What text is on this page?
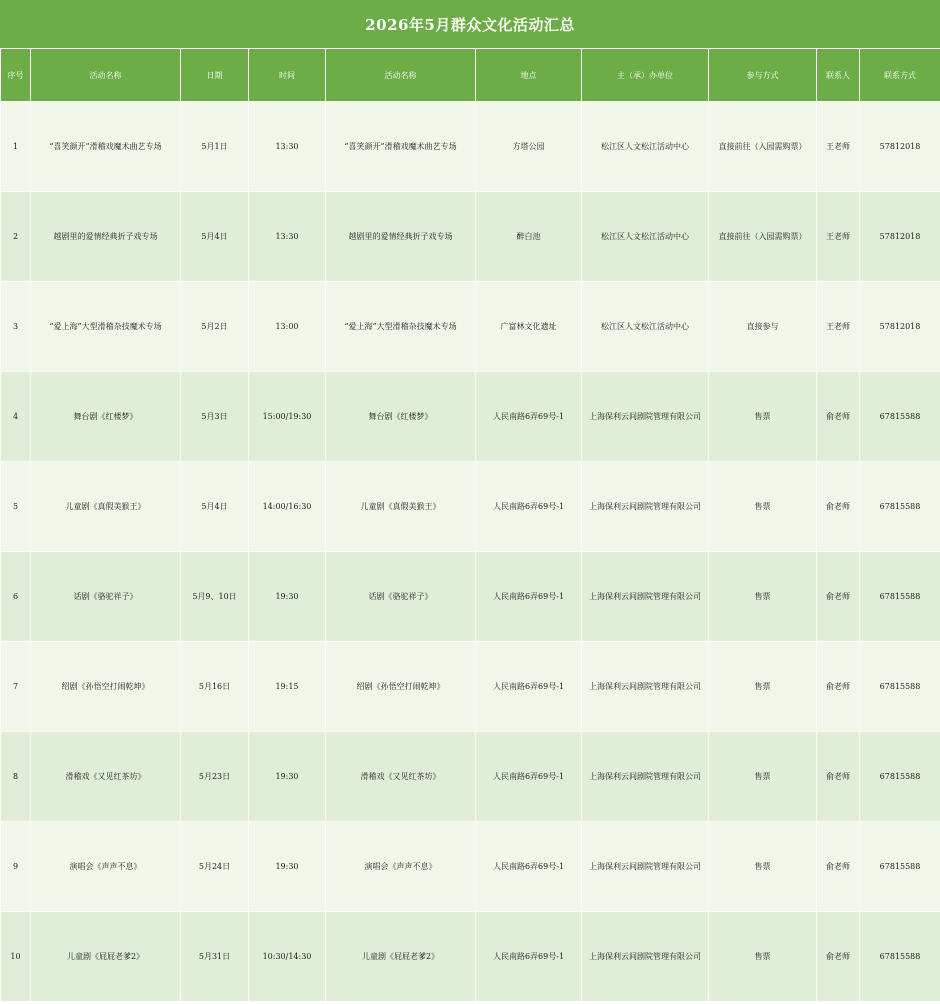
2026年5月群众文化活动汇总
序号	活动名称	日期	时间	活动名称	地点	主（承）办单位	参与方式	联系人	联系方式
1	“喜笑颜开”滑稽戏魔术曲艺专场	5月1日	13:30	“喜笑颜开”滑稽戏魔术曲艺专场	方塔公园	松江区人文松江活动中心	直接前往（入园需购票）	王老师	57812018
2	越剧里的爱情经典折子戏专场	5月4日	13:30	越剧里的爱情经典折子戏专场	醉白池	松江区人文松江活动中心	直接前往（入园需购票）	王老师	57812018
3	“爱上海”大型滑稽杂技魔术专场	5月2日	13:00	“爱上海”大型滑稽杂技魔术专场	广富林文化遗址	松江区人文松江活动中心	直接参与	王老师	57812018
4	舞台剧《红楼梦》	5月3日	15:00/19:30	舞台剧《红楼梦》	人民南路6弄69号-1	上海保利云间剧院管理有限公司	售票	俞老师	67815588
5	儿童剧《真假美猴王》	5月4日	14:00/16:30	儿童剧《真假美猴王》	人民南路6弄69号-1	上海保利云间剧院管理有限公司	售票	俞老师	67815588
6	话剧《骆驼祥子》	5月9、10日	19:30	话剧《骆驼祥子》	人民南路6弄69号-1	上海保利云间剧院管理有限公司	售票	俞老师	67815588
7	绍剧《孙悟空打闹乾坤》	5月16日	19:15	绍剧《孙悟空打闹乾坤》	人民南路6弄69号-1	上海保利云间剧院管理有限公司	售票	俞老师	67815588
8	滑稽戏《又见红茶坊》	5月23日	19:30	滑稽戏《又见红茶坊》	人民南路6弄69号-1	上海保利云间剧院管理有限公司	售票	俞老师	67815588
9	演唱会《声声不息》	5月24日	19:30	演唱会《声声不息》	人民南路6弄69号-1	上海保利云间剧院管理有限公司	售票	俞老师	67815588
10	儿童剧《屁屁老爹2》	5月31日	10:30/14:30	儿童剧《屁屁老爹2》	人民南路6弄69号-1	上海保利云间剧院管理有限公司	售票	俞老师	67815588
